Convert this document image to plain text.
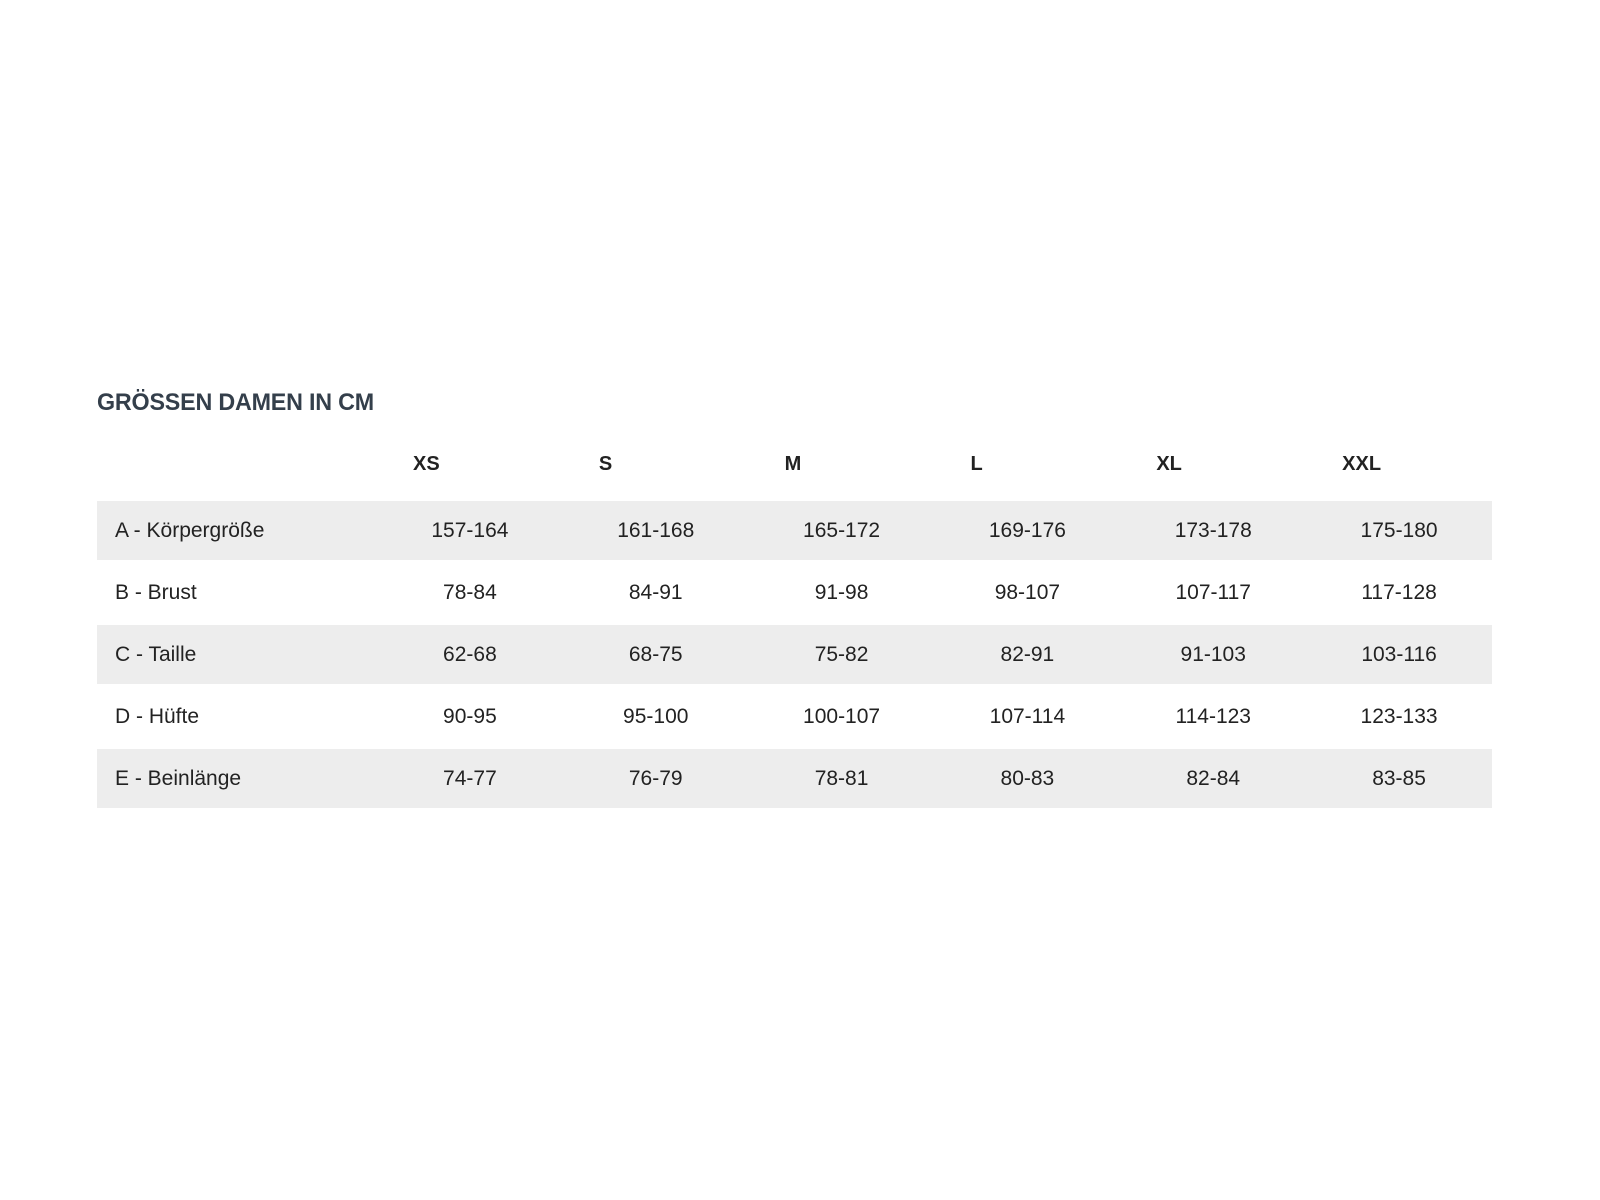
GRÖSSEN DAMEN IN CM
	XS	S	M	L	XL	XXL
A - Körpergröße	157-164	161-168	165-172	169-176	173-178	175-180
B - Brust	78-84	84-91	91-98	98-107	107-117	117-128
C - Taille	62-68	68-75	75-82	82-91	91-103	103-116
D - Hüfte	90-95	95-100	100-107	107-114	114-123	123-133
E - Beinlänge	74-77	76-79	78-81	80-83	82-84	83-85
